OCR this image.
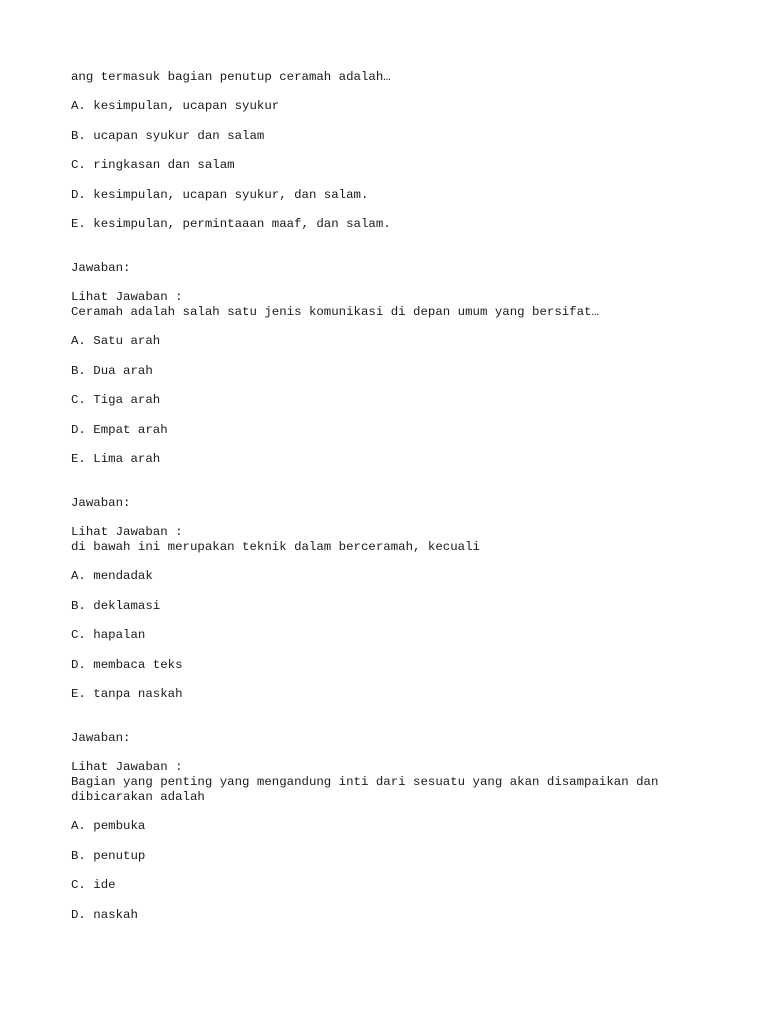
ang termasuk bagian penutup ceramah adalah…
A. kesimpulan, ucapan syukur
B. ucapan syukur dan salam
C. ringkasan dan salam
D. kesimpulan, ucapan syukur, dan salam.
E. kesimpulan, permintaaan maaf, dan salam.
Jawaban:
Lihat Jawaban :
Ceramah adalah salah satu jenis komunikasi di depan umum yang bersifat…
A. Satu arah
B. Dua arah
C. Tiga arah
D. Empat arah
E. Lima arah
Jawaban:
Lihat Jawaban :
di bawah ini merupakan teknik dalam berceramah, kecuali
A. mendadak
B. deklamasi
C. hapalan
D. membaca teks
E. tanpa naskah
Jawaban:
Lihat Jawaban :
Bagian yang penting yang mengandung inti dari sesuatu yang akan disampaikan dan dibicarakan adalah
A. pembuka
B. penutup
C. ide
D. naskah
